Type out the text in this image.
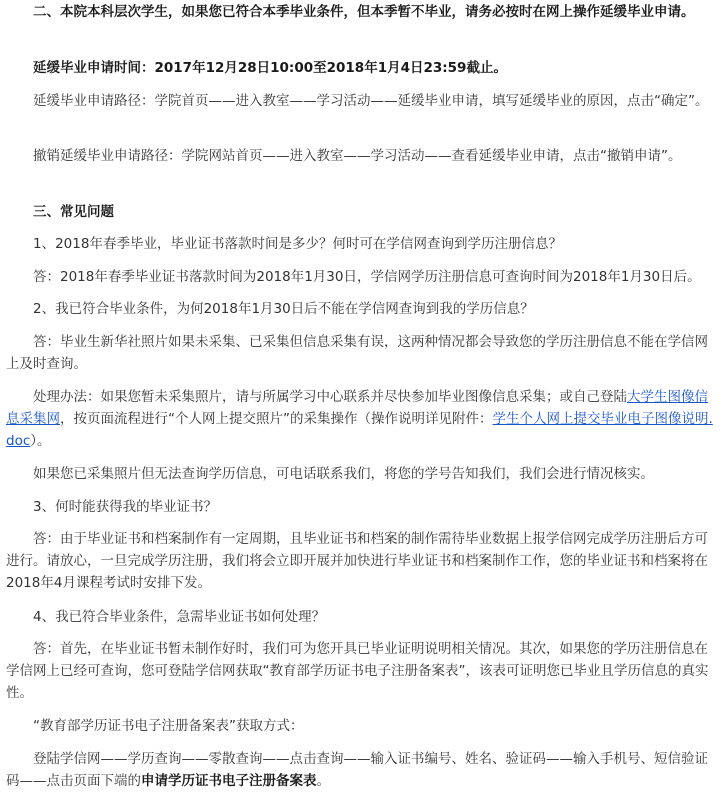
二、本院本科层次学生，如果您已符合本季毕业条件，但本季暂不毕业，请务必按时在网上操作延缓毕业申请。

延缓毕业申请时间：2017年12月28日10:00至2018年1月4日23:59截止。

延缓毕业申请路径：学院首页——进入教室——学习活动——延缓毕业申请，填写延缓毕业的原因，点击“确定”。

撤销延缓毕业申请路径：学院网站首页——进入教室——学习活动——查看延缓毕业申请，点击“撤销申请”。

三、常见问题

1、2018年春季毕业，毕业证书落款时间是多少？何时可在学信网查询到学历注册信息？

答：2018年春季毕业证书落款时间为2018年1月30日，学信网学历注册信息可查询时间为2018年1月30日后。

2、我已符合毕业条件，为何2018年1月30日后不能在学信网查询到我的学历信息？

答：毕业生新华社照片如果未采集、已采集但信息采集有误，这两种情况都会导致您的学历注册信息不能在学信网上及时查询。

处理办法：如果您暂未采集照片，请与所属学习中心联系并尽快参加毕业图像信息采集；或自己登陆大学生图像信息采集网，按页面流程进行“个人网上提交照片”的采集操作（操作说明详见附件：学生个人网上提交毕业电子图像说明.doc）。

如果您已采集照片但无法查询学历信息，可电话联系我们，将您的学号告知我们，我们会进行情况核实。

3、何时能获得我的毕业证书？

答：由于毕业证书和档案制作有一定周期，且毕业证书和档案的制作需待毕业数据上报学信网完成学历注册后方可进行。请放心，一旦完成学历注册，我们将会立即开展并加快进行毕业证书和档案制作工作，您的毕业证书和档案将在2018年4月课程考试时安排下发。

4、我已符合毕业条件，急需毕业证书如何处理？

答：首先，在毕业证书暂未制作好时，我们可为您开具已毕业证明说明相关情况。其次，如果您的学历注册信息在学信网上已经可查询，您可登陆学信网获取“教育部学历证书电子注册备案表”，该表可证明您已毕业且学历信息的真实性。

“教育部学历证书电子注册备案表”获取方式：

登陆学信网——学历查询——零散查询——点击查询——输入证书编号、姓名、验证码——输入手机号、短信验证码——点击页面下端的申请学历证书电子注册备案表。
